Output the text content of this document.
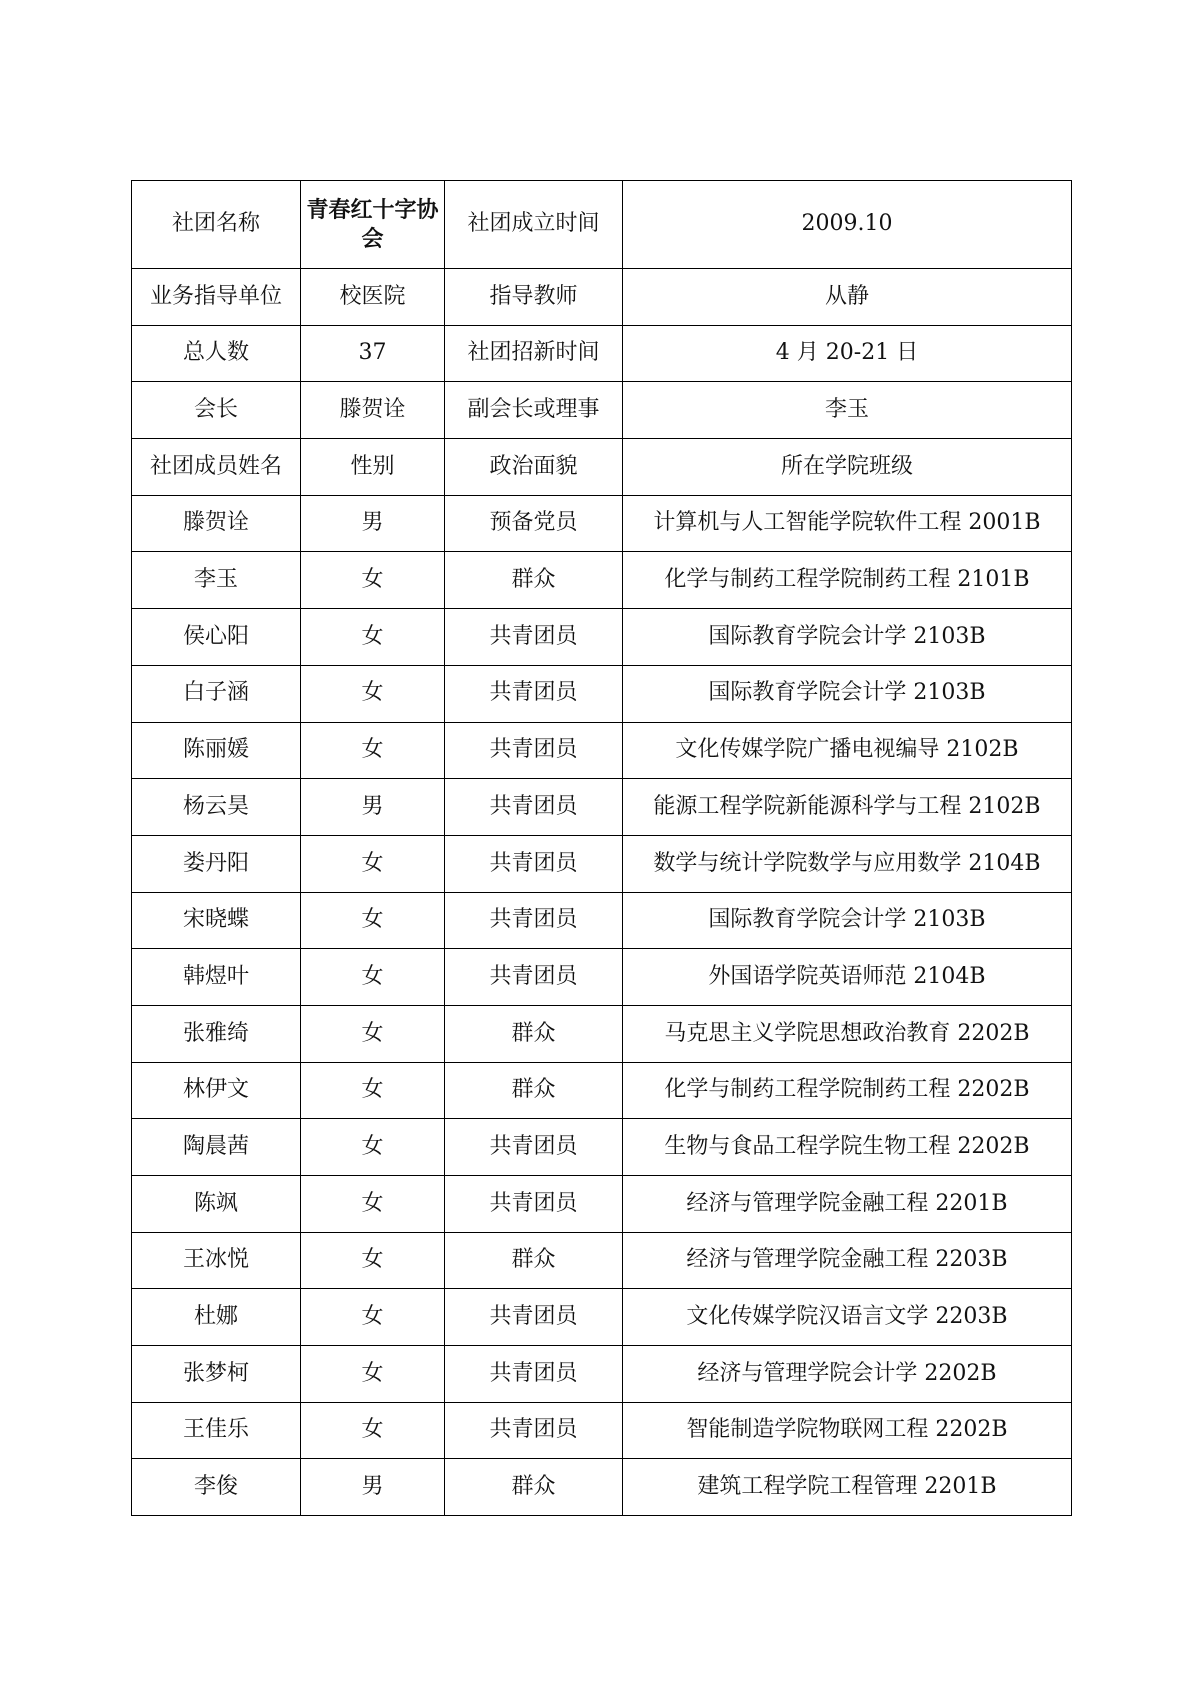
社团名称	青春红十字协会	社团成立时间	2009.10
业务指导单位	校医院	指导教师	从静
总人数	37	社团招新时间	4 月 20-21 日
会长	滕贺诠	副会长或理事	李玉
社团成员姓名	性别	政治面貌	所在学院班级
滕贺诠	男	预备党员	计算机与人工智能学院软件工程 2001B
李玉	女	群众	化学与制药工程学院制药工程 2101B
侯心阳	女	共青团员	国际教育学院会计学 2103B
白子涵	女	共青团员	国际教育学院会计学 2103B
陈丽媛	女	共青团员	文化传媒学院广播电视编导 2102B
杨云昊	男	共青团员	能源工程学院新能源科学与工程 2102B
娄丹阳	女	共青团员	数学与统计学院数学与应用数学 2104B
宋晓蝶	女	共青团员	国际教育学院会计学 2103B
韩煜叶	女	共青团员	外国语学院英语师范 2104B
张雅绮	女	群众	马克思主义学院思想政治教育 2202B
林伊文	女	群众	化学与制药工程学院制药工程 2202B
陶晨茜	女	共青团员	生物与食品工程学院生物工程 2202B
陈飒	女	共青团员	经济与管理学院金融工程 2201B
王冰悦	女	群众	经济与管理学院金融工程 2203B
杜娜	女	共青团员	文化传媒学院汉语言文学 2203B
张梦柯	女	共青团员	经济与管理学院会计学 2202B
王佳乐	女	共青团员	智能制造学院物联网工程 2202B
李俊	男	群众	建筑工程学院工程管理 2201B
